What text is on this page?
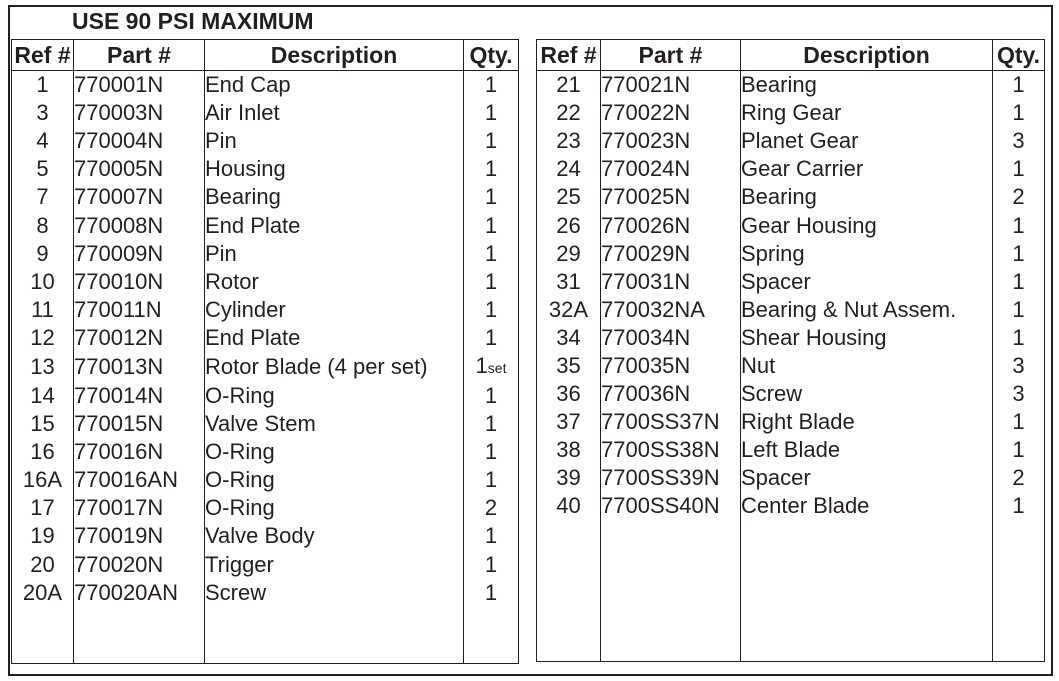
USE 90 PSI MAXIMUM
Ref #	Part #	Description	Qty.
1	770001N	End Cap	1
3	770003N	Air Inlet	1
4	770004N	Pin	1
5	770005N	Housing	1
7	770007N	Bearing	1
8	770008N	End Plate	1
9	770009N	Pin	1
10	770010N	Rotor	1
11	770011N	Cylinder	1
12	770012N	End Plate	1
13	770013N	Rotor Blade (4 per set)	1set
14	770014N	O-Ring	1
15	770015N	Valve Stem	1
16	770016N	O-Ring	1
16A	770016AN	O-Ring	1
17	770017N	O-Ring	2
19	770019N	Valve Body	1
20	770020N	Trigger	1
20A	770020AN	Screw	1

Ref #	Part #	Description	Qty.
21	770021N	Bearing	1
22	770022N	Ring Gear	1
23	770023N	Planet Gear	3
24	770024N	Gear Carrier	1
25	770025N	Bearing	2
26	770026N	Gear Housing	1
29	770029N	Spring	1
31	770031N	Spacer	1
32A	770032NA	Bearing & Nut Assem.	1
34	770034N	Shear Housing	1
35	770035N	Nut	3
36	770036N	Screw	3
37	7700SS37N	Right Blade	1
38	7700SS38N	Left Blade	1
39	7700SS39N	Spacer	2
40	7700SS40N	Center Blade	1
